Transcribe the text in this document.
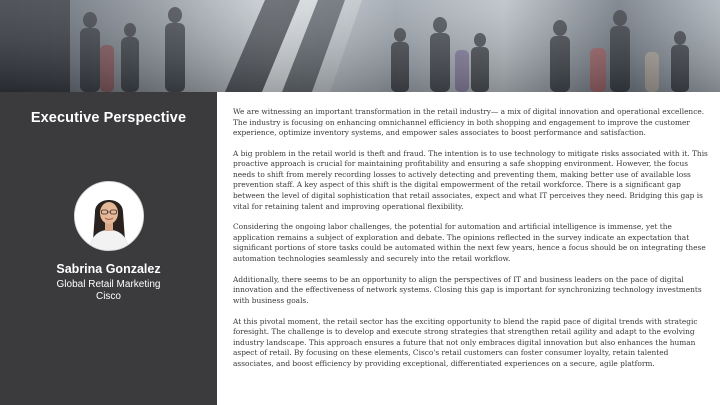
Executive Perspective
Sabrina Gonzalez
Global Retail Marketing
Cisco

We are witnessing an important transformation in the retail industry— a mix of digital innovation and operational excellence. The industry is focusing on enhancing omnichannel efficiency in both shopping and engagement to improve the customer experience, optimize inventory systems, and empower sales associates to boost performance and satisfaction.

A big problem in the retail world is theft and fraud. The intention is to use technology to mitigate risks associated with it. This proactive approach is crucial for maintaining profitability and ensuring a safe shopping environment. However, the focus needs to shift from merely recording losses to actively detecting and preventing them, making better use of available loss prevention staff. A key aspect of this shift is the digital empowerment of the retail workforce. There is a significant gap between the level of digital sophistication that retail associates, expect and what IT perceives they need. Bridging this gap is vital for retaining talent and improving operational flexibility.

Considering the ongoing labor challenges, the potential for automation and artificial intelligence is immense, yet the application remains a subject of exploration and debate. The opinions reflected in the survey indicate an expectation that significant portions of store tasks could be automated within the next few years, hence a focus should be on integrating these automation technologies seamlessly and securely into the retail workflow.

Additionally, there seems to be an opportunity to align the perspectives of IT and business leaders on the pace of digital innovation and the effectiveness of network systems. Closing this gap is important for synchronizing technology investments with business goals.

At this pivotal moment, the retail sector has the exciting opportunity to blend the rapid pace of digital trends with strategic foresight. The challenge is to develop and execute strong strategies that strengthen retail agility and adapt to the evolving industry landscape. This approach ensures a future that not only embraces digital innovation but also enhances the human aspect of retail. By focusing on these elements, Cisco's retail customers can foster consumer loyalty, retain talented associates, and boost efficiency by providing exceptional, differentiated experiences on a secure, agile platform.
